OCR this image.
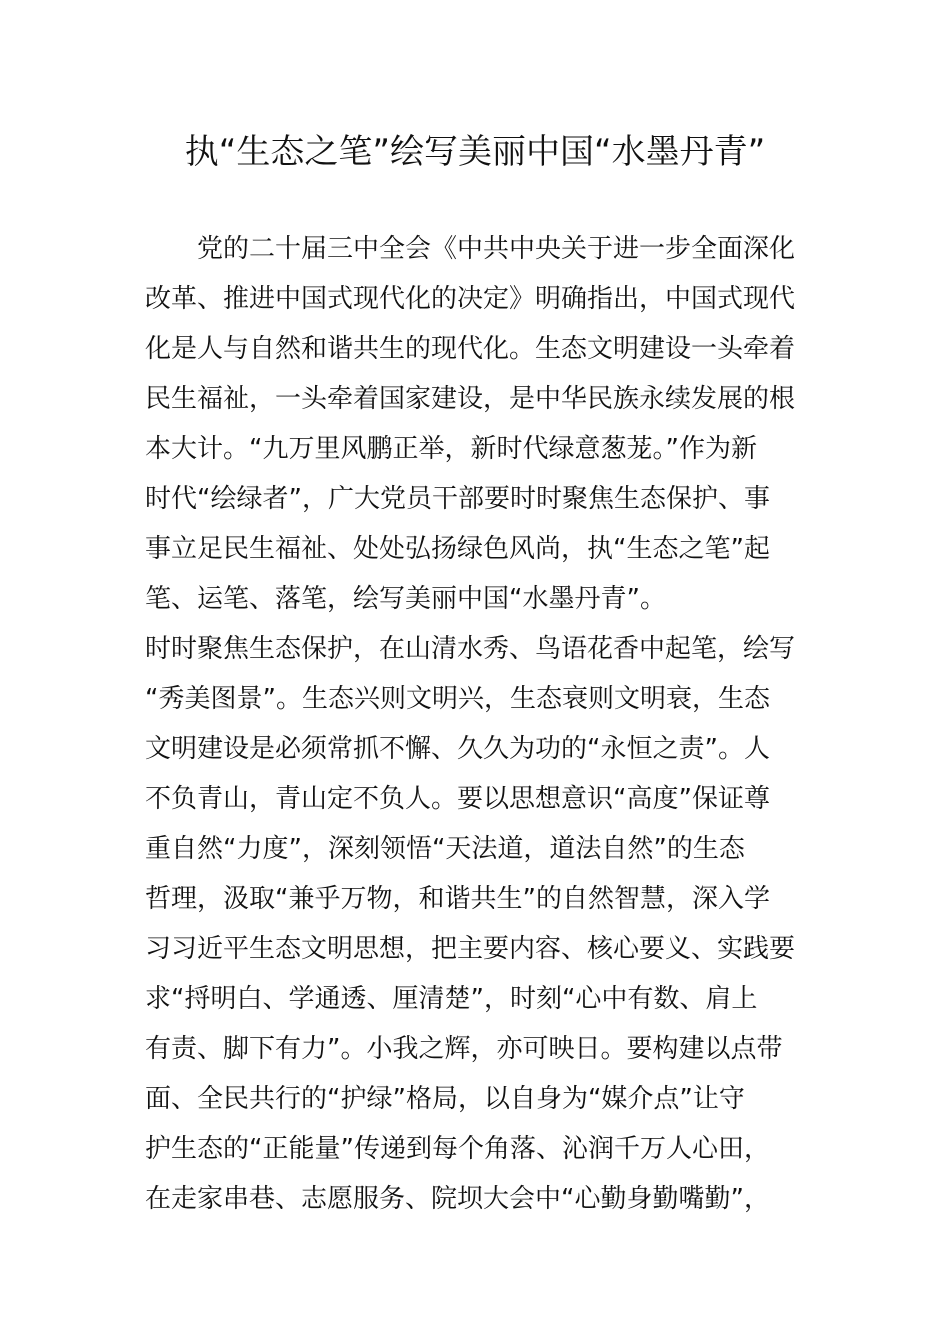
执“生态之笔”绘写美丽中国“水墨丹青”
　　党的二十届三中全会《中共中央关于进一步全面深化
改革、推进中国式现代化的决定》明确指出，中国式现代
化是人与自然和谐共生的现代化。生态文明建设一头牵着
民生福祉，一头牵着国家建设，是中华民族永续发展的根
本大计。“九万里风鹏正举，新时代绿意葱茏。”作为新
时代“绘绿者”，广大党员干部要时时聚焦生态保护、事
事立足民生福祉、处处弘扬绿色风尚，执“生态之笔”起
笔、运笔、落笔，绘写美丽中国“水墨丹青”。
时时聚焦生态保护，在山清水秀、鸟语花香中起笔，绘写
“秀美图景”。生态兴则文明兴，生态衰则文明衰，生态
文明建设是必须常抓不懈、久久为功的“永恒之责”。人
不负青山，青山定不负人。要以思想意识“高度”保证尊
重自然“力度”，深刻领悟“天法道，道法自然”的生态
哲理，汲取“兼乎万物，和谐共生”的自然智慧，深入学
习习近平生态文明思想，把主要内容、核心要义、实践要
求“捋明白、学通透、厘清楚”，时刻“心中有数、肩上
有责、脚下有力”。小我之辉，亦可映日。要构建以点带
面、全民共行的“护绿”格局，以自身为“媒介点”让守
护生态的“正能量”传递到每个角落、沁润千万人心田，
在走家串巷、志愿服务、院坝大会中“心勤身勤嘴勤”，
